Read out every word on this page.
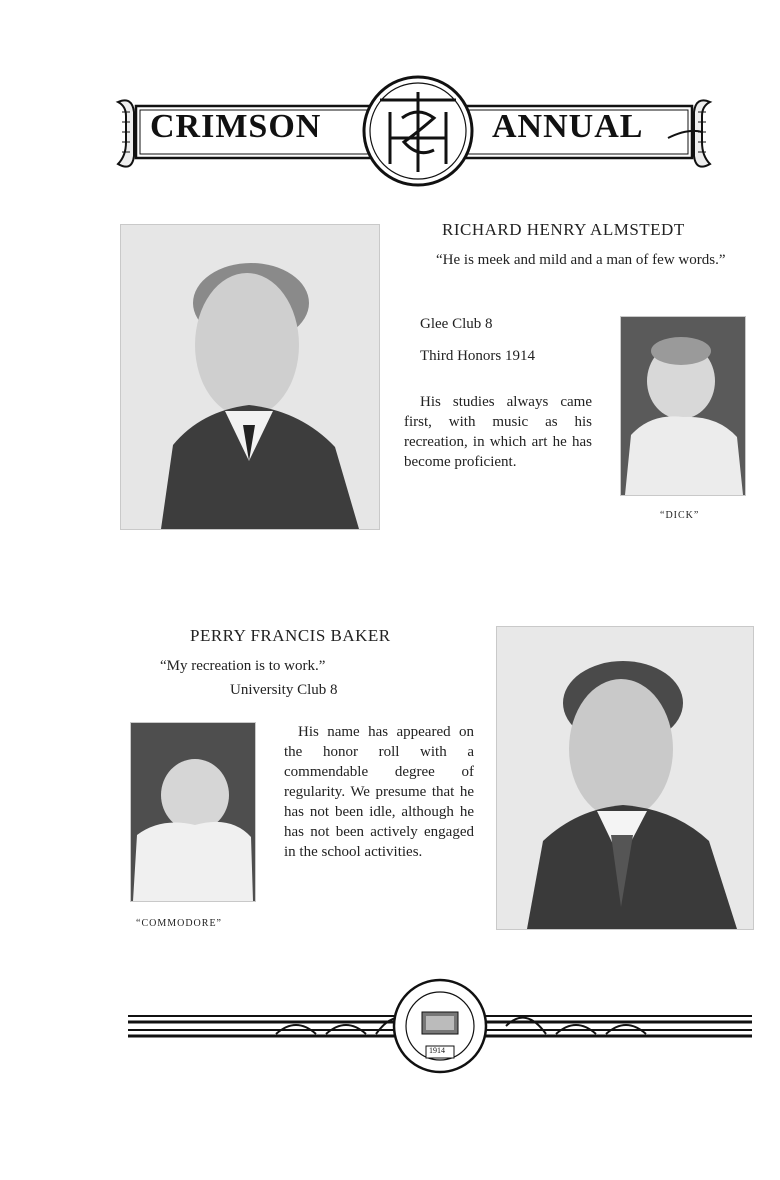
CRIMSON	ANNUAL
RICHARD HENRY ALMSTEDT
“He is meek and mild and a man of few words.”
Glee Club 8
Third Honors 1914
His studies always came first, with music as his recreation, in which art he has become proficient.
“DICK”
PERRY FRANCIS BAKER
“My recreation is to work.”
University Club 8
“COMMODORE”
His name has appeared on the honor roll with a commendable degree of regularity. We presume that he has not been idle, although he has not been actively engaged in the school activities.
1914
